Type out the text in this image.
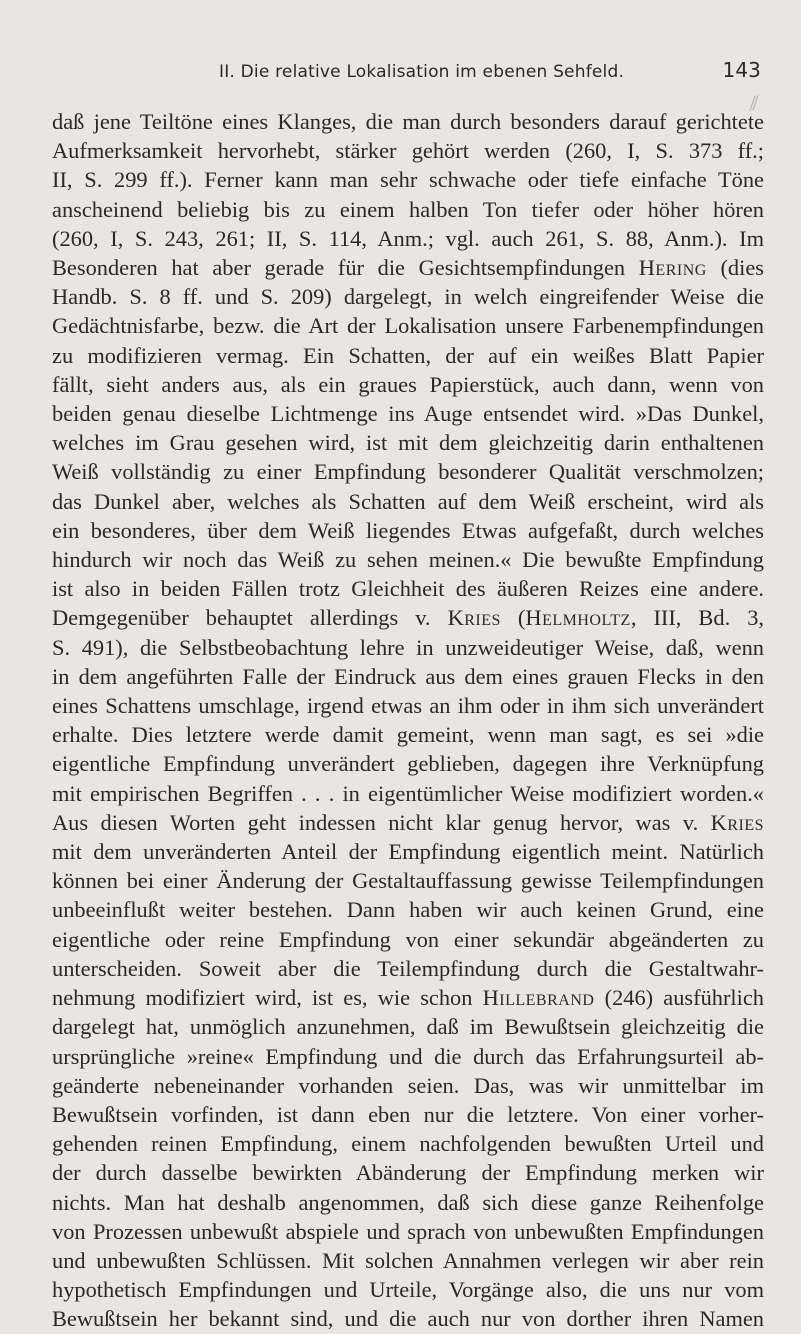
II. Die relative Lokalisation im ebenen Sehfeld.	143
⁄⁄
daß jene Teiltöne eines Klanges, die man durch besonders darauf gerichtete
Aufmerksamkeit hervorhebt, stärker gehört werden (260, I, S. 373 ff.;
II, S. 299 ff.). Ferner kann man sehr schwache oder tiefe einfache Töne
anscheinend beliebig bis zu einem halben Ton tiefer oder höher hören
(260, I, S. 243, 261; II, S. 114, Anm.; vgl. auch 261, S. 88, Anm.). Im
Besonderen hat aber gerade für die Gesichtsempfindungen Hering (dies
Handb. S. 8 ff. und S. 209) dargelegt, in welch eingreifender Weise die
Gedächtnisfarbe, bezw. die Art der Lokalisation unsere Farbenempfindungen
zu modifizieren vermag. Ein Schatten, der auf ein weißes Blatt Papier
fällt, sieht anders aus, als ein graues Papierstück, auch dann, wenn von
beiden genau dieselbe Lichtmenge ins Auge entsendet wird. »Das Dunkel,
welches im Grau gesehen wird, ist mit dem gleichzeitig darin enthaltenen
Weiß vollständig zu einer Empfindung besonderer Qualität verschmolzen;
das Dunkel aber, welches als Schatten auf dem Weiß erscheint, wird als
ein besonderes, über dem Weiß liegendes Etwas aufgefaßt, durch welches
hindurch wir noch das Weiß zu sehen meinen.« Die bewußte Empfindung
ist also in beiden Fällen trotz Gleichheit des äußeren Reizes eine andere.
Demgegenüber behauptet allerdings v. Kries (Helmholtz, III, Bd. 3,
S. 491), die Selbstbeobachtung lehre in unzweideutiger Weise, daß, wenn
in dem angeführten Falle der Eindruck aus dem eines grauen Flecks in den
eines Schattens umschlage, irgend etwas an ihm oder in ihm sich unverändert
erhalte. Dies letztere werde damit gemeint, wenn man sagt, es sei »die
eigentliche Empfindung unverändert geblieben, dagegen ihre Verknüpfung
mit empirischen Begriffen . . . in eigentümlicher Weise modifiziert worden.«
Aus diesen Worten geht indessen nicht klar genug hervor, was v. Kries
mit dem unveränderten Anteil der Empfindung eigentlich meint. Natürlich
können bei einer Änderung der Gestaltauffassung gewisse Teilempfindungen
unbeeinflußt weiter bestehen. Dann haben wir auch keinen Grund, eine
eigentliche oder reine Empfindung von einer sekundär abgeänderten zu
unterscheiden. Soweit aber die Teilempfindung durch die Gestaltwahr-
nehmung modifiziert wird, ist es, wie schon Hillebrand (246) ausführlich
dargelegt hat, unmöglich anzunehmen, daß im Bewußtsein gleichzeitig die
ursprüngliche »reine« Empfindung und die durch das Erfahrungsurteil ab-
geänderte nebeneinander vorhanden seien. Das, was wir unmittelbar im
Bewußtsein vorfinden, ist dann eben nur die letztere. Von einer vorher-
gehenden reinen Empfindung, einem nachfolgenden bewußten Urteil und
der durch dasselbe bewirkten Abänderung der Empfindung merken wir
nichts. Man hat deshalb angenommen, daß sich diese ganze Reihenfolge
von Prozessen unbewußt abspiele und sprach von unbewußten Empfindungen
und unbewußten Schlüssen. Mit solchen Annahmen verlegen wir aber rein
hypothetisch Empfindungen und Urteile, Vorgänge also, die uns nur vom
Bewußtsein her bekannt sind, und die auch nur von dorther ihren Namen
